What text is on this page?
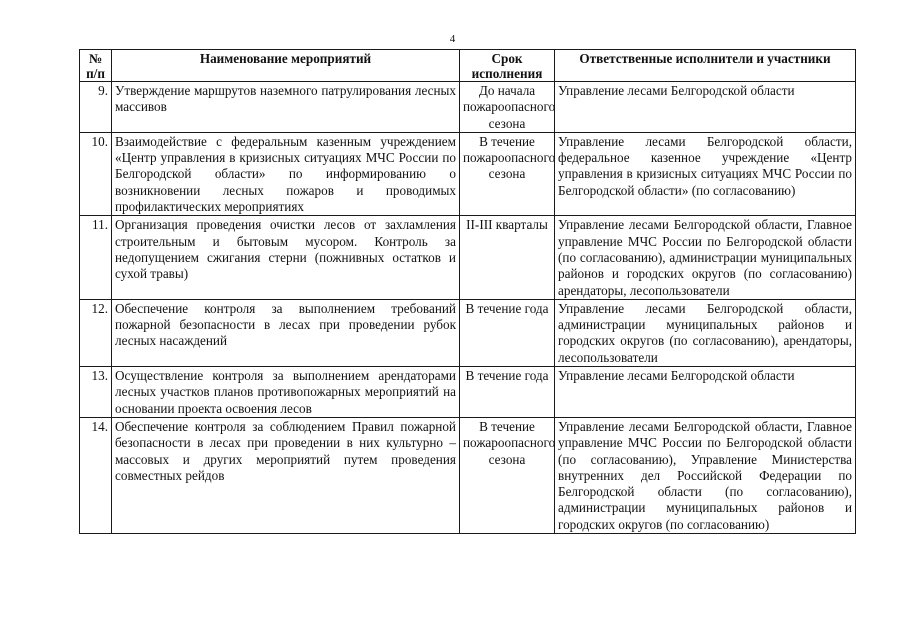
4
№ п/п	Наименование мероприятий	Срок исполнения	Ответственные исполнители и участники
9.	Утверждение маршрутов наземного патрулирования лесных массивов	До начала пожароопасного сезона	Управление лесами Белгородской области
10.	Взаимодействие с федеральным казенным учреждением «Центр управления в кризисных ситуациях МЧС России по Белгородской области» по информированию о возникновении лесных пожаров и проводимых профилактических мероприятиях	В течение пожароопасного сезона	Управление лесами Белгородской области, федеральное казенное учреждение «Центр управления в кризисных ситуациях МЧС России по Белгородской области» (по согласованию)
11.	Организация проведения очистки лесов от захламления строительным и бытовым мусором. Контроль за недопущением сжигания стерни (пожнивных остатков и сухой травы)	II-III кварталы	Управление лесами Белгородской области, Главное управление МЧС России по Белгородской области (по согласованию), администрации муниципальных районов и городских округов (по согласованию) арендаторы, лесопользователи
12.	Обеспечение контроля за выполнением требований пожарной безопасности в лесах при проведении рубок лесных насаждений	В течение года	Управление лесами Белгородской области, администрации муниципальных районов и городских округов (по согласованию), арендаторы, лесопользователи
13.	Осуществление контроля за выполнением арендаторами лесных участков планов противопожарных мероприятий на основании проекта освоения лесов	В течение года	Управление лесами Белгородской области
14.	Обеспечение контроля за соблюдением Правил пожарной безопасности в лесах при проведении в них культурно – массовых и других мероприятий путем проведения совместных рейдов	В течение пожароопасного сезона	Управление лесами Белгородской области, Главное управление МЧС России по Белгородской области (по согласованию), Управление Министерства внутренних дел Российской Федерации по Белгородской области (по согласованию), администрации муниципальных районов и городских округов (по согласованию)
